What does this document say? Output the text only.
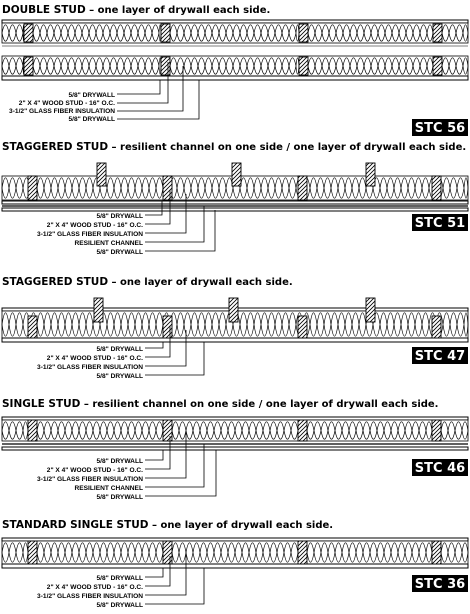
DOUBLE STUD – one layer of drywall each side.
5/8" DRYWALL
2" X 4" WOOD STUD - 16" O.C.
3-1/2" GLASS FIBER INSULATION
5/8" DRYWALL
STC 56
STAGGERED STUD – resilient channel on one side / one layer of drywall each side.
5/8" DRYWALL
2" X 4" WOOD STUD - 16" O.C.
3-1/2" GLASS FIBER INSULATION
RESILIENT CHANNEL
5/8" DRYWALL
STC 51
STAGGERED STUD – one layer of drywall each side.
5/8" DRYWALL
2" X 4" WOOD STUD - 16" O.C.
3-1/2" GLASS FIBER INSULATION
5/8" DRYWALL
STC 47
SINGLE STUD – resilient channel on one side / one layer of drywall each side.
5/8" DRYWALL
2" X 4" WOOD STUD - 16" O.C.
3-1/2" GLASS FIBER INSULATION
RESILIENT CHANNEL
5/8" DRYWALL
STC 46
STANDARD SINGLE STUD – one layer of drywall each side.
5/8" DRYWALL
2" X 4" WOOD STUD - 16" O.C.
3-1/2" GLASS FIBER INSULATION
5/8" DRYWALL
STC 36
